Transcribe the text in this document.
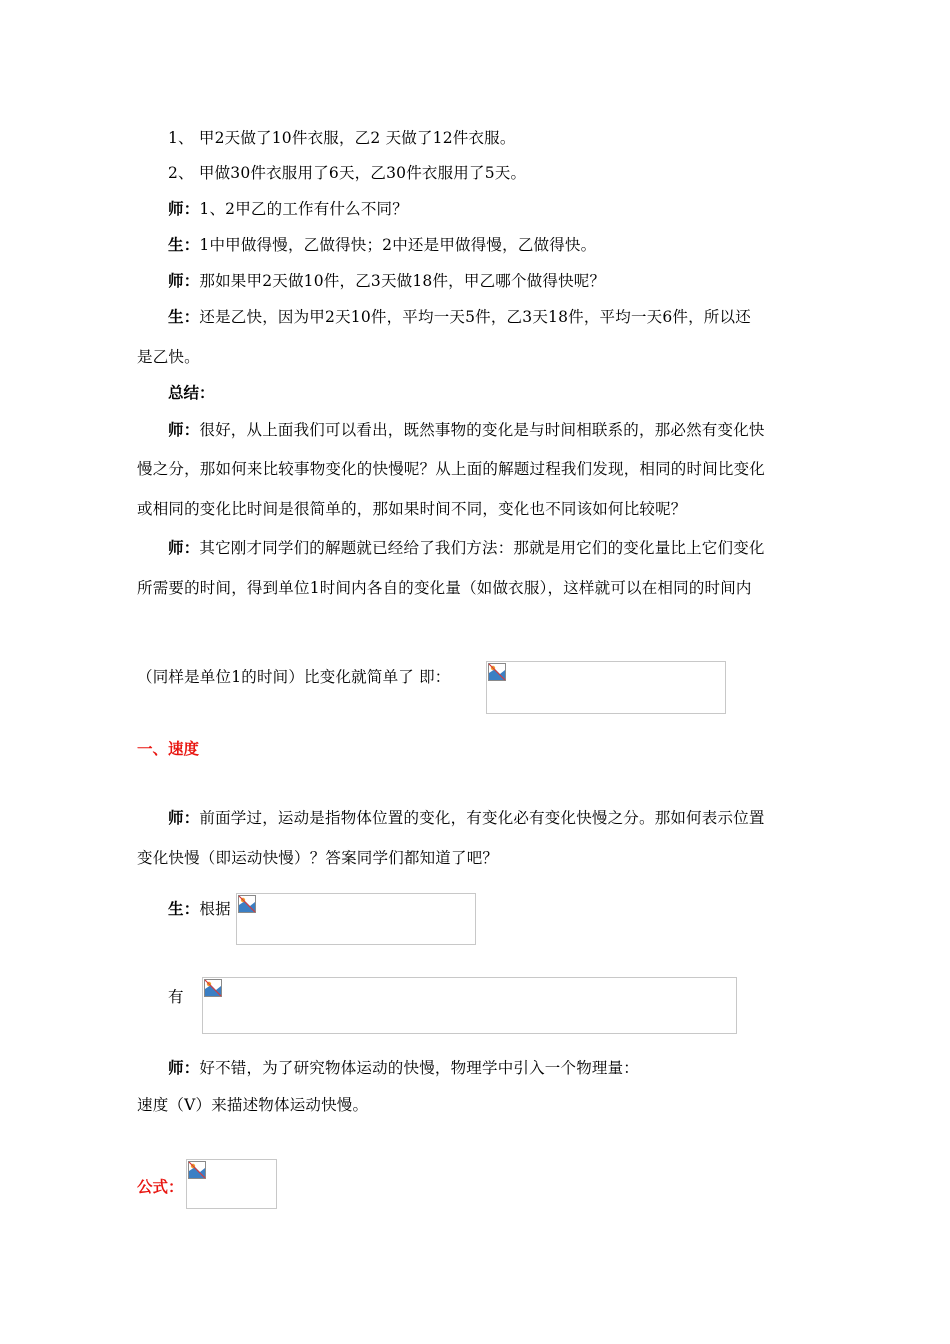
1、 甲2天做了10件衣服，乙2 天做了12件衣服。
2、 甲做30件衣服用了6天，乙30件衣服用了5天。
师：1、2甲乙的工作有什么不同？
生：1中甲做得慢，乙做得快；2中还是甲做得慢，乙做得快。
师：那如果甲2天做10件，乙3天做18件，甲乙哪个做得快呢？
生：还是乙快，因为甲2天10件，平均一天5件，乙3天18件，平均一天6件，所以还
是乙快。
总结：
师：很好，从上面我们可以看出，既然事物的变化是与时间相联系的，那必然有变化快
慢之分，那如何来比较事物变化的快慢呢？从上面的解题过程我们发现，相同的时间比变化
或相同的变化比时间是很简单的，那如果时间不同，变化也不同该如何比较呢？
师：其它刚才同学们的解题就已经给了我们方法：那就是用它们的变化量比上它们变化
所需要的时间，得到单位1时间内各自的变化量（如做衣服），这样就可以在相同的时间内
（同样是单位1的时间）比变化就简单了 即：
一、速度
师：前面学过，运动是指物体位置的变化，有变化必有变化快慢之分。那如何表示位置
变化快慢（即运动快慢）？答案同学们都知道了吧？
生：根据
有
师：好不错，为了研究物体运动的快慢，物理学中引入一个物理量：
速度（V）来描述物体运动快慢。
公式：
